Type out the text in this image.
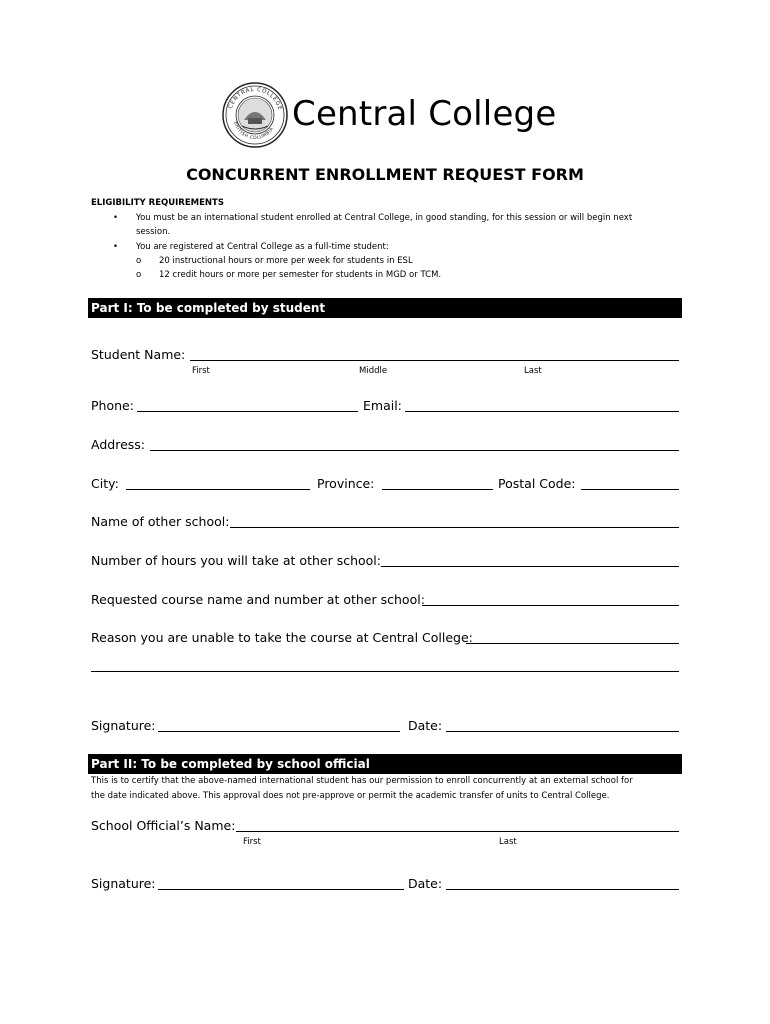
CENTRAL COLLEGE
BRITISH COLUMBIA Central College
CONCURRENT ENROLLMENT REQUEST FORM
ELIGIBILITY REQUIREMENTS
• You must be an international student enrolled at Central College, in good standing, for this session or will begin next
session.
• You are registered at Central College as a full-time student:
o 20 instructional hours or more per week for students in ESL
o 12 credit hours or more per semester for students in MGD or TCM.
Part I: To be completed by student
Student Name:
First	Middle	Last
Phone:	Email:
Address:
City:	Province:	Postal Code:
Name of other school:
Number of hours you will take at other school:
Requested course name and number at other school:
Reason you are unable to take the course at Central College:
Signature:	Date:
Part II: To be completed by school official
This is to certify that the above-named international student has our permission to enroll concurrently at an external school for
the date indicated above. This approval does not pre-approve or permit the academic transfer of units to Central College.
School Official’s Name:
First	Last
Signature:	Date:
